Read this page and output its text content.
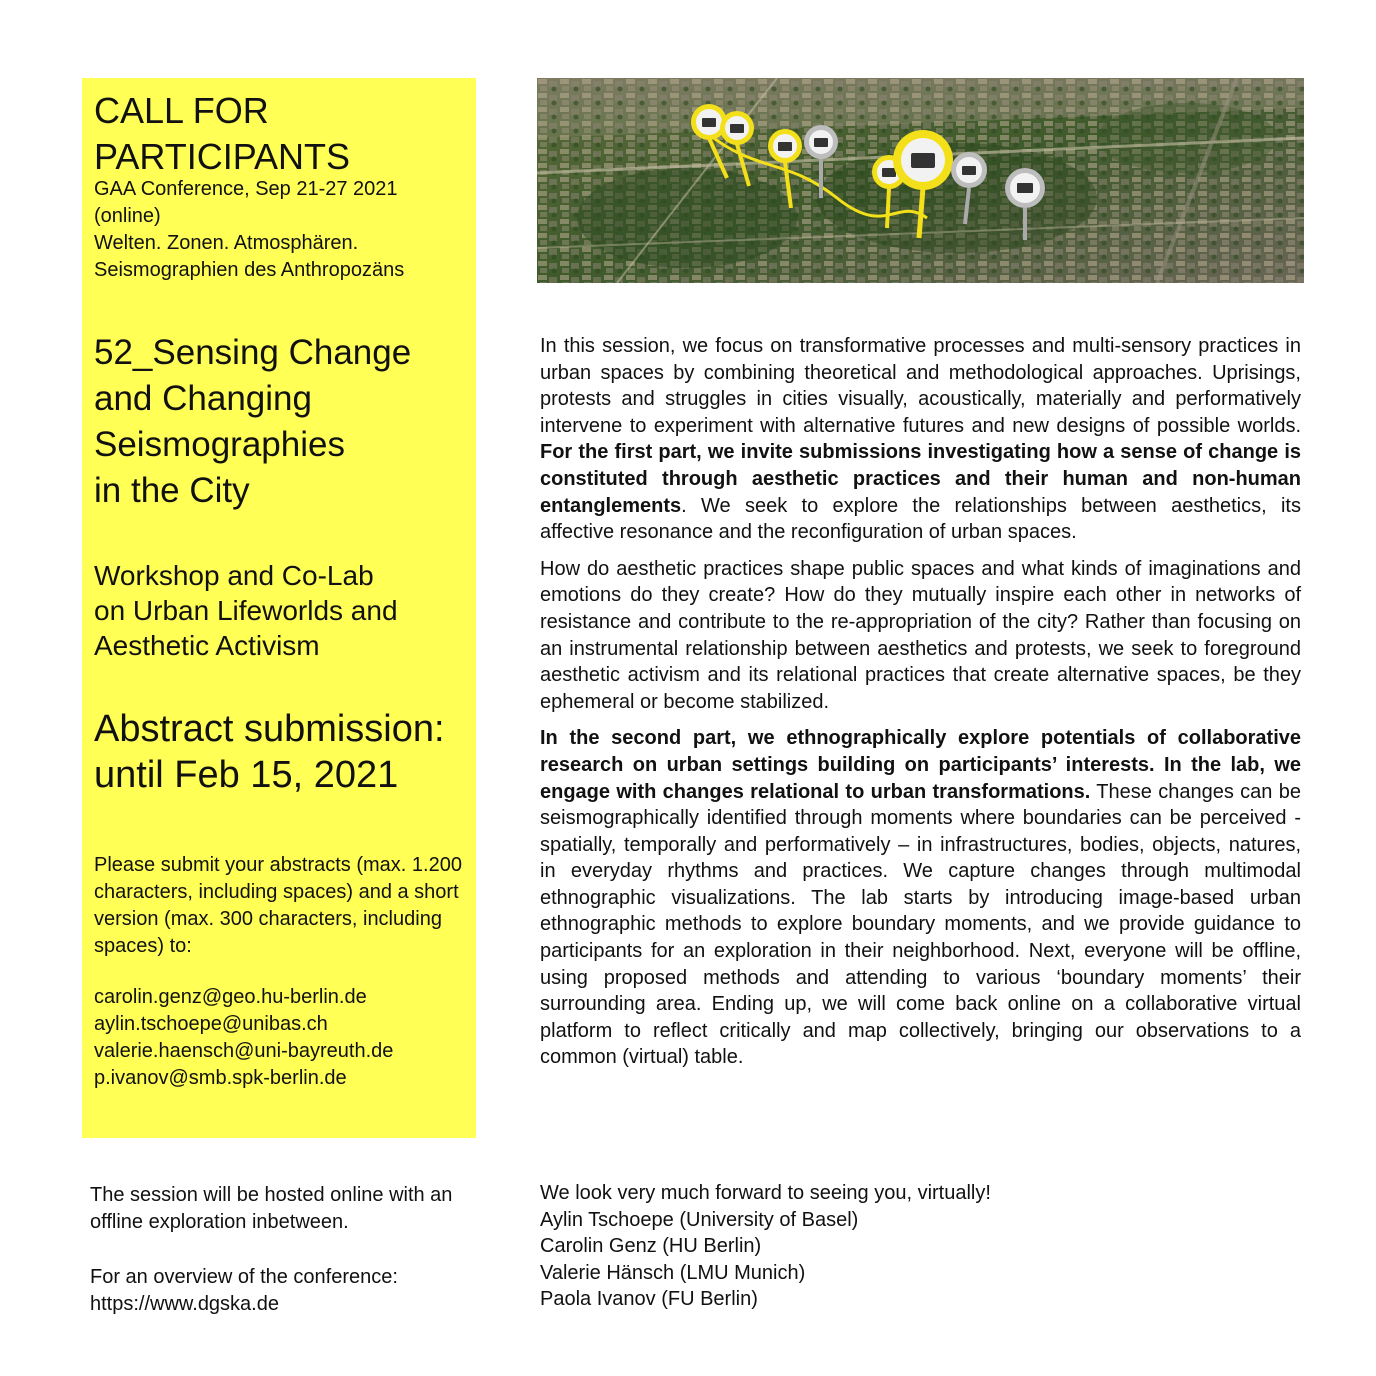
CALL FOR PARTICIPANTS
GAA Conference, Sep 21-27 2021
(online)
Welten. Zonen. Atmosphären.
Seismographien des Anthropozäns
52_Sensing Change
and Changing
Seismographies
in the City
Workshop and Co-Lab
on Urban Lifeworlds and
Aesthetic Activism
Abstract submission:
until Feb 15, 2021
Please submit your abstracts (max. 1.200 characters, including spaces) and a short version (max. 300 characters, including spaces) to:
carolin.genz@geo.hu-berlin.de
aylin.tschoepe@unibas.ch
valerie.haensch@uni-bayreuth.de
p.ivanov@smb.spk-berlin.de
The session will be hosted online with an offline exploration inbetween.
For an overview of the conference:
https://www.dgska.de

In this session, we focus on transformative processes and multi-sensory practices in urban spaces by combining theoretical and methodological approaches. Uprisings, protests and struggles in cities visually, acoustically, materially and performatively intervene to experiment with alternative futures and new designs of possible worlds. For the first part, we invite submissions investigating how a sense of change is constituted through aesthetic practices and their human and non-human entanglements. We seek to explore the relationships between aesthetics, its affective resonance and the reconfiguration of urban spaces.

How do aesthetic practices shape public spaces and what kinds of imaginations and emotions do they create? How do they mutually inspire each other in networks of resistance and contribute to the re-appropriation of the city? Rather than focusing on an instrumental relationship between aesthetics and protests, we seek to foreground aesthetic activism and its relational practices that create alternative spaces, be they ephemeral or become stabilized.

In the second part, we ethnographically explore potentials of collaborative research on urban settings building on participants’ interests. In the lab, we engage with changes relational to urban transformations. These changes can be seismographically identified through moments where boundaries can be perceived - spatially, temporally and performatively – in infrastructures, bodies, objects, natures, in everyday rhythms and practices. We capture changes through multimodal ethnographic visualizations. The lab starts by introducing image-based urban ethnographic methods to explore boundary moments, and we provide guidance to participants for an exploration in their neighborhood. Next, everyone will be offline, using proposed methods and attending to various ‘boundary moments’ their surrounding area. Ending up, we will come back online on a collaborative virtual platform to reflect critically and map collectively, bringing our observations to a common (virtual) table.

We look very much forward to seeing you, virtually!
Aylin Tschoepe (University of Basel)
Carolin Genz (HU Berlin)
Valerie Hänsch (LMU Munich)
Paola Ivanov (FU Berlin)
